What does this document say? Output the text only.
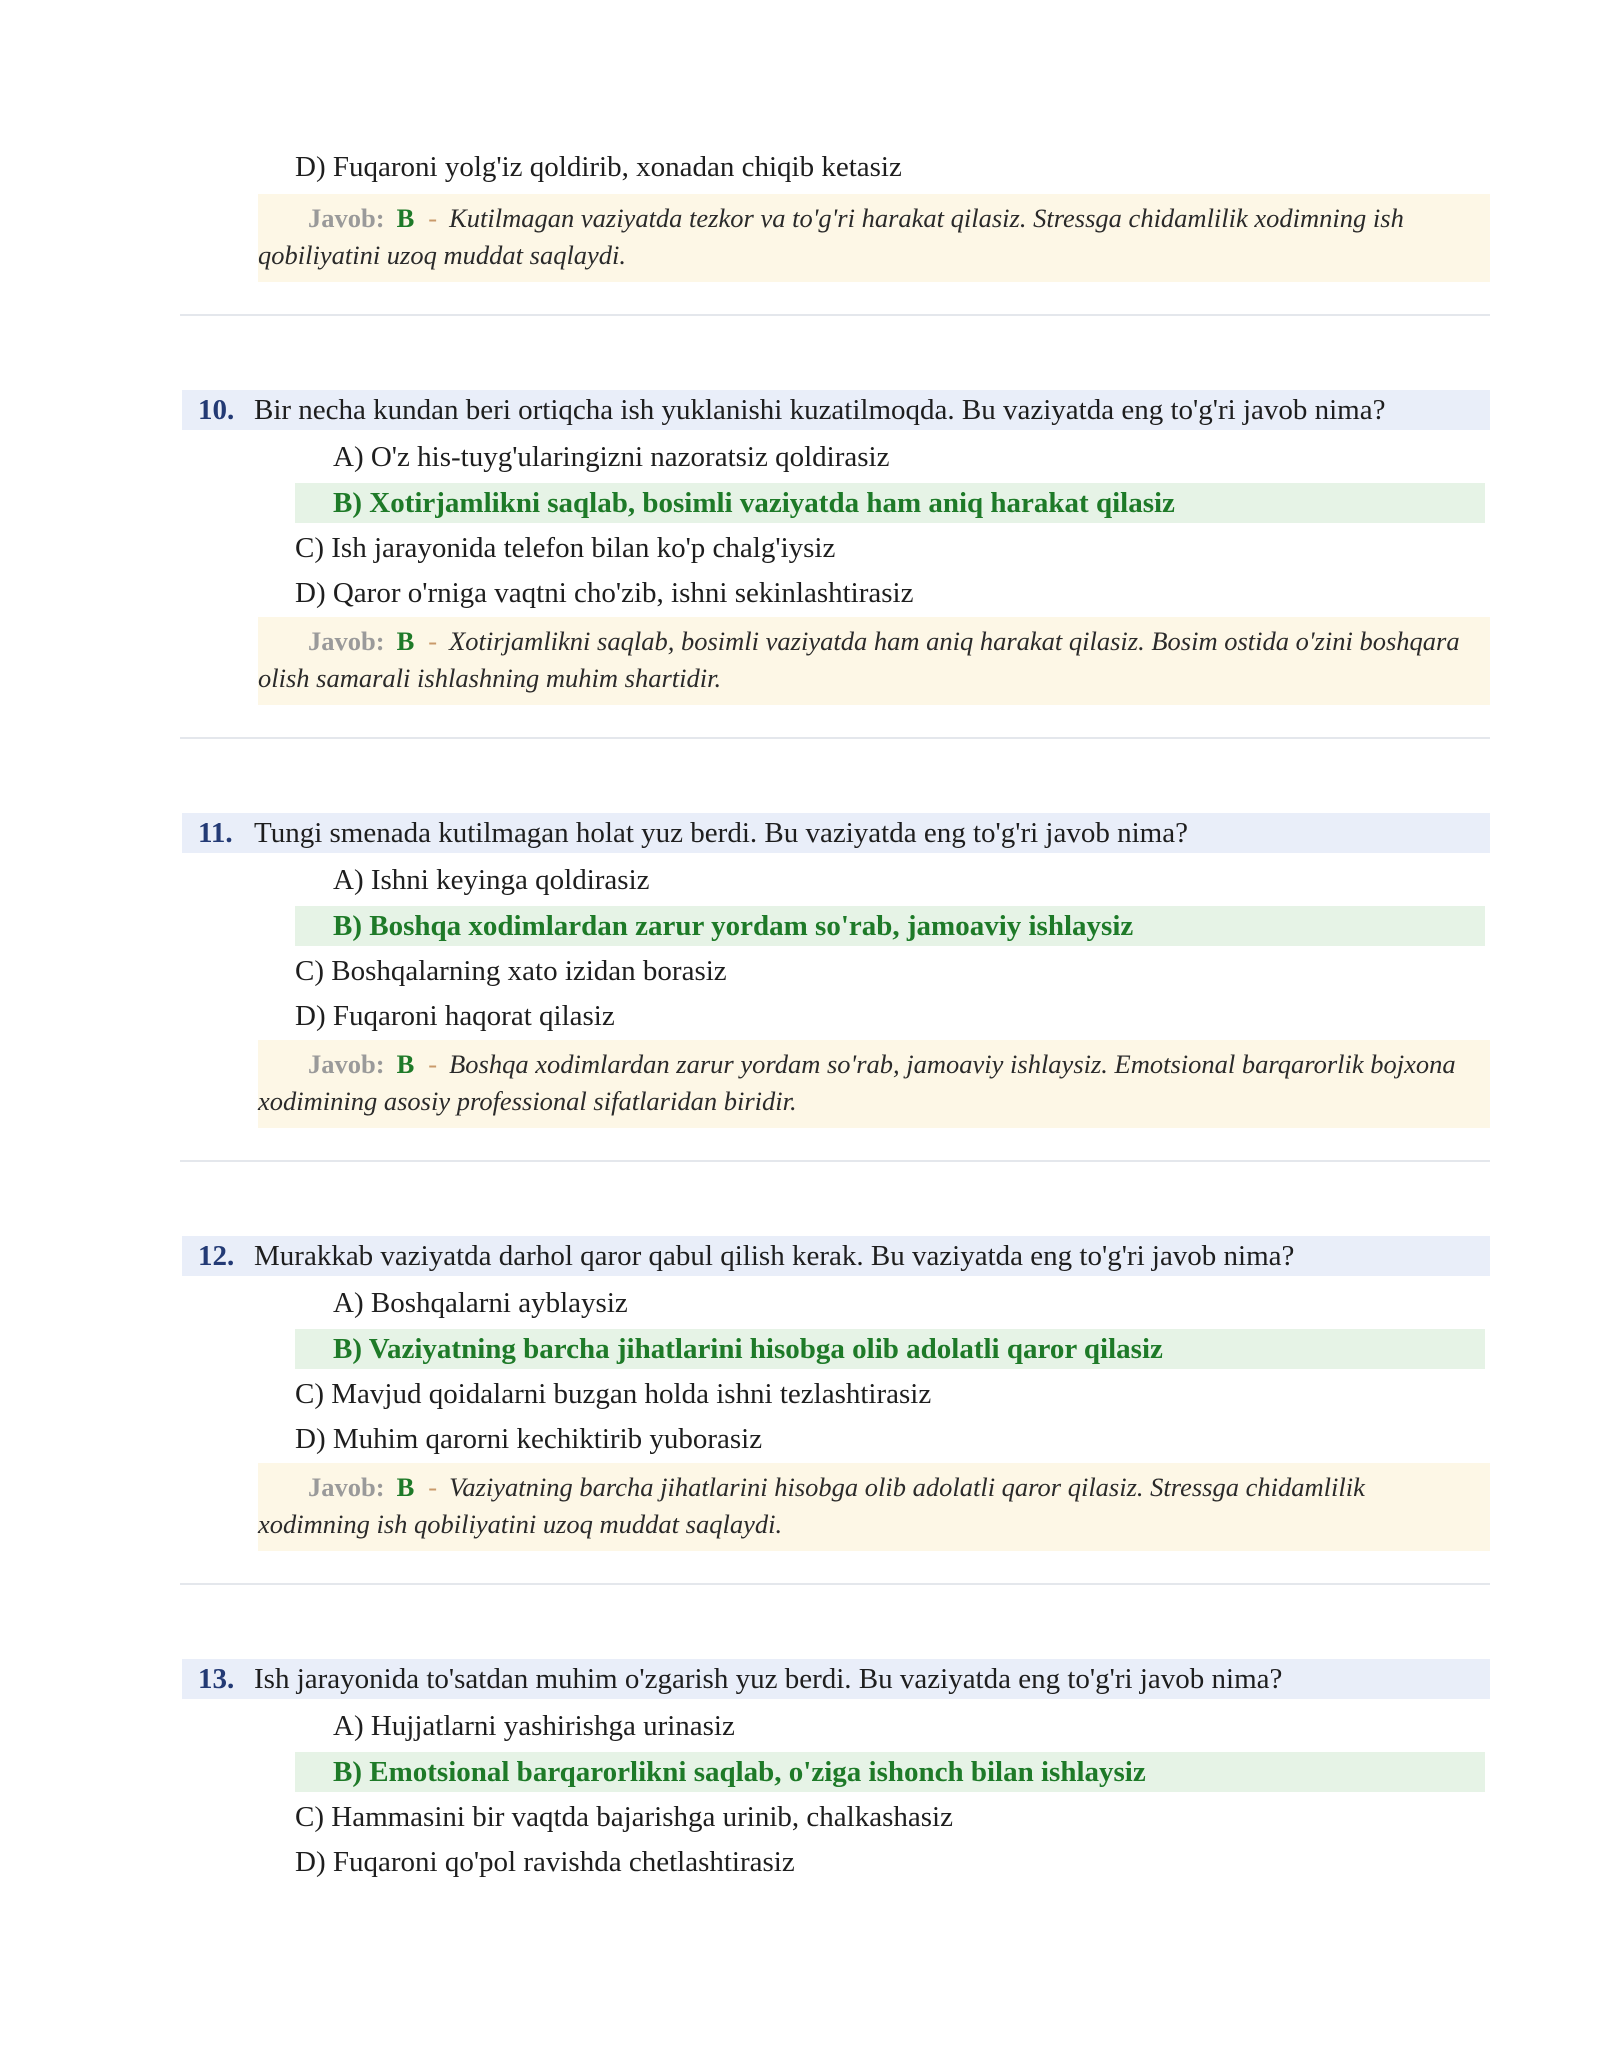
D) Fuqaroni yolg'iz qoldirib, xonadan chiqib ketasiz
Javob: B - Kutilmagan vaziyatda tezkor va to'g'ri harakat qilasiz. Stressga chidamlilik xodimning ish qobiliyatini uzoq muddat saqlaydi.
10. Bir necha kundan beri ortiqcha ish yuklanishi kuzatilmoqda. Bu vaziyatda eng to'g'ri javob nima?
A) O'z his-tuyg'ularingizni nazoratsiz qoldirasiz
B) Xotirjamlikni saqlab, bosimli vaziyatda ham aniq harakat qilasiz
C) Ish jarayonida telefon bilan ko'p chalg'iysiz
D) Qaror o'rniga vaqtni cho'zib, ishni sekinlashtirasiz
Javob: B - Xotirjamlikni saqlab, bosimli vaziyatda ham aniq harakat qilasiz. Bosim ostida o'zini boshqara olish samarali ishlashning muhim shartidir.
11. Tungi smenada kutilmagan holat yuz berdi. Bu vaziyatda eng to'g'ri javob nima?
A) Ishni keyinga qoldirasiz
B) Boshqa xodimlardan zarur yordam so'rab, jamoaviy ishlaysiz
C) Boshqalarning xato izidan borasiz
D) Fuqaroni haqorat qilasiz
Javob: B - Boshqa xodimlardan zarur yordam so'rab, jamoaviy ishlaysiz. Emotsional barqarorlik bojxona xodimining asosiy professional sifatlaridan biridir.
12. Murakkab vaziyatda darhol qaror qabul qilish kerak. Bu vaziyatda eng to'g'ri javob nima?
A) Boshqalarni ayblaysiz
B) Vaziyatning barcha jihatlarini hisobga olib adolatli qaror qilasiz
C) Mavjud qoidalarni buzgan holda ishni tezlashtirasiz
D) Muhim qarorni kechiktirib yuborasiz
Javob: B - Vaziyatning barcha jihatlarini hisobga olib adolatli qaror qilasiz. Stressga chidamlilik xodimning ish qobiliyatini uzoq muddat saqlaydi.
13. Ish jarayonida to'satdan muhim o'zgarish yuz berdi. Bu vaziyatda eng to'g'ri javob nima?
A) Hujjatlarni yashirishga urinasiz
B) Emotsional barqarorlikni saqlab, o'ziga ishonch bilan ishlaysiz
C) Hammasini bir vaqtda bajarishga urinib, chalkashasiz
D) Fuqaroni qo'pol ravishda chetlashtirasiz
